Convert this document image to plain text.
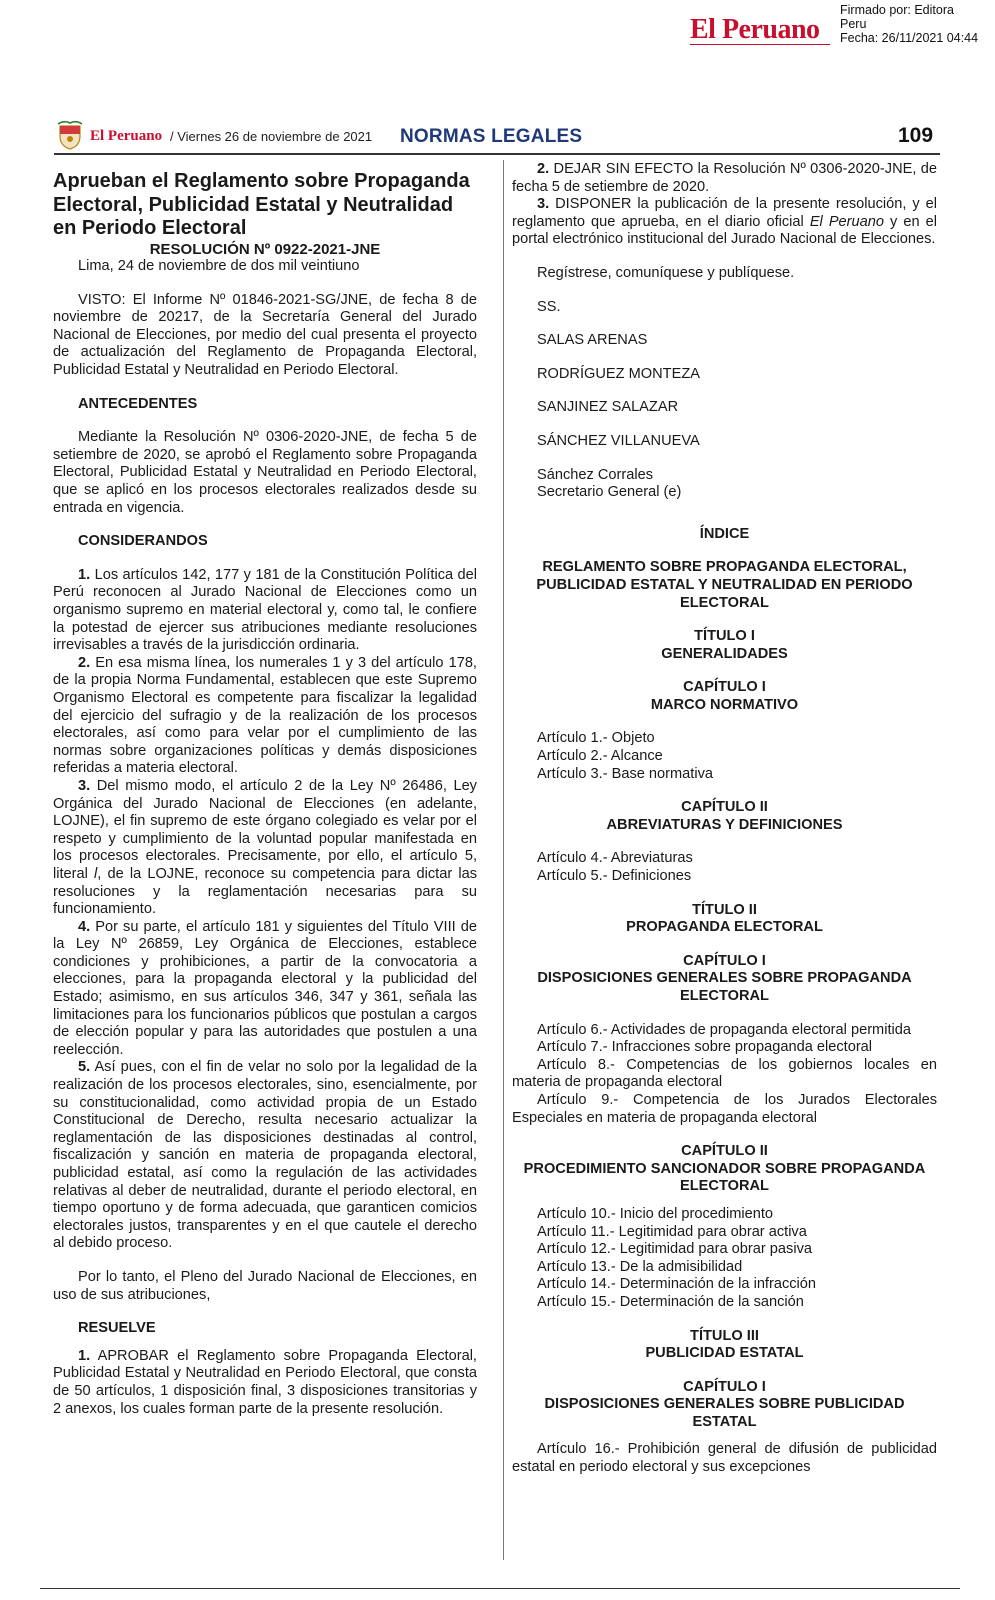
El Peruano
Firmado por: Editora
Peru
Fecha: 26/11/2021 04:44
El Peruano / Viernes 26 de noviembre de 2021 NORMAS LEGALES	109

Aprueban el Reglamento sobre Propaganda Electoral, Publicidad Estatal y Neutralidad en Periodo Electoral

RESOLUCIÓN Nº 0922-2021-JNE

Lima, 24 de noviembre de dos mil veintiuno

VISTO: El Informe Nº 01846-2021-SG/JNE, de fecha 8 de noviembre de 20217, de la Secretaría General del Jurado Nacional de Elecciones, por medio del cual presenta el proyecto de actualización del Reglamento de Propaganda Electoral, Publicidad Estatal y Neutralidad en Periodo Electoral.

ANTECEDENTES

Mediante la Resolución Nº 0306-2020-JNE, de fecha 5 de setiembre de 2020, se aprobó el Reglamento sobre Propaganda Electoral, Publicidad Estatal y Neutralidad en Periodo Electoral, que se aplicó en los procesos electorales realizados desde su entrada en vigencia.

CONSIDERANDOS

1. Los artículos 142, 177 y 181 de la Constitución Política del Perú reconocen al Jurado Nacional de Elecciones como un organismo supremo en material electoral y, como tal, le confiere la potestad de ejercer sus atribuciones mediante resoluciones irrevisables a través de la jurisdicción ordinaria.

2. En esa misma línea, los numerales 1 y 3 del artículo 178, de la propia Norma Fundamental, establecen que este Supremo Organismo Electoral es competente para fiscalizar la legalidad del ejercicio del sufragio y de la realización de los procesos electorales, así como para velar por el cumplimiento de las normas sobre organizaciones políticas y demás disposiciones referidas a materia electoral.

3. Del mismo modo, el artículo 2 de la Ley Nº 26486, Ley Orgánica del Jurado Nacional de Elecciones (en adelante, LOJNE), el fin supremo de este órgano colegiado es velar por el respeto y cumplimiento de la voluntad popular manifestada en los procesos electorales. Precisamente, por ello, el artículo 5, literal l, de la LOJNE, reconoce su competencia para dictar las resoluciones y la reglamentación necesarias para su funcionamiento.

4. Por su parte, el artículo 181 y siguientes del Título VIII de la Ley Nº 26859, Ley Orgánica de Elecciones, establece condiciones y prohibiciones, a partir de la convocatoria a elecciones, para la propaganda electoral y la publicidad del Estado; asimismo, en sus artículos 346, 347 y 361, señala las limitaciones para los funcionarios públicos que postulan a cargos de elección popular y para las autoridades que postulen a una reelección.

5. Así pues, con el fin de velar no solo por la legalidad de la realización de los procesos electorales, sino, esencialmente, por su constitucionalidad, como actividad propia de un Estado Constitucional de Derecho, resulta necesario actualizar la reglamentación de las disposiciones destinadas al control, fiscalización y sanción en materia de propaganda electoral, publicidad estatal, así como la regulación de las actividades relativas al deber de neutralidad, durante el periodo electoral, en tiempo oportuno y de forma adecuada, que garanticen comicios electorales justos, transparentes y en el que cautele el derecho al debido proceso.

Por lo tanto, el Pleno del Jurado Nacional de Elecciones, en uso de sus atribuciones,

RESUELVE

1. APROBAR el Reglamento sobre Propaganda Electoral, Publicidad Estatal y Neutralidad en Periodo Electoral, que consta de 50 artículos, 1 disposición final, 3 disposiciones transitorias y 2 anexos, los cuales forman parte de la presente resolución.

2. DEJAR SIN EFECTO la Resolución Nº 0306-2020-JNE, de fecha 5 de setiembre de 2020.

3. DISPONER la publicación de la presente resolución, y el reglamento que aprueba, en el diario oficial El Peruano y en el portal electrónico institucional del Jurado Nacional de Elecciones.

Regístrese, comuníquese y publíquese.

SS.

SALAS ARENAS

RODRÍGUEZ MONTEZA

SANJINEZ SALAZAR

SÁNCHEZ VILLANUEVA

Sánchez Corrales

Secretario General (e)

ÍNDICE

REGLAMENTO SOBRE PROPAGANDA ELECTORAL, PUBLICIDAD ESTATAL Y NEUTRALIDAD EN PERIODO ELECTORAL

TÍTULO I

GENERALIDADES

CAPÍTULO I

MARCO NORMATIVO

Artículo 1.- Objeto

Artículo 2.- Alcance

Artículo 3.- Base normativa

CAPÍTULO II

ABREVIATURAS Y DEFINICIONES

Artículo 4.- Abreviaturas

Artículo 5.- Definiciones

TÍTULO II

PROPAGANDA ELECTORAL

CAPÍTULO I

DISPOSICIONES GENERALES SOBRE PROPAGANDA ELECTORAL

Artículo 6.- Actividades de propaganda electoral permitida

Artículo 7.- Infracciones sobre propaganda electoral

Artículo 8.- Competencias de los gobiernos locales en materia de propaganda electoral

Artículo 9.- Competencia de los Jurados Electorales Especiales en materia de propaganda electoral

CAPÍTULO II

PROCEDIMIENTO SANCIONADOR SOBRE PROPAGANDA ELECTORAL

Artículo 10.- Inicio del procedimiento

Artículo 11.- Legitimidad para obrar activa

Artículo 12.- Legitimidad para obrar pasiva

Artículo 13.- De la admisibilidad

Artículo 14.- Determinación de la infracción

Artículo 15.- Determinación de la sanción

TÍTULO III

PUBLICIDAD ESTATAL

CAPÍTULO I

DISPOSICIONES GENERALES SOBRE PUBLICIDAD ESTATAL

Artículo 16.- Prohibición general de difusión de publicidad estatal en periodo electoral y sus excepciones
